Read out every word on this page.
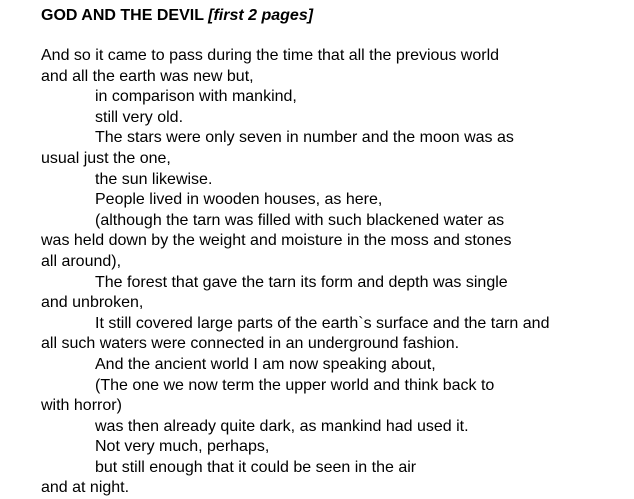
GOD AND THE DEVIL [first 2 pages]
And so it came to pass during the time that all the previous world
and all the earth was new but,
in comparison with mankind,
still very old.
The stars were only seven in number and the moon was as
usual just the one,
the sun likewise.
People lived in wooden houses, as here,
(although the tarn was filled with such blackened water as
was held down by the weight and moisture in the moss and stones
all around),
The forest that gave the tarn its form and depth was single
and unbroken,
It still covered large parts of the earth`s surface and the tarn and
all such waters were connected in an underground fashion.
And the ancient world I am now speaking about,
(The one we now term the upper world and think back to
with horror)
was then already quite dark, as mankind had used it.
Not very much, perhaps,
but still enough that it could be seen in the air
and at night.
